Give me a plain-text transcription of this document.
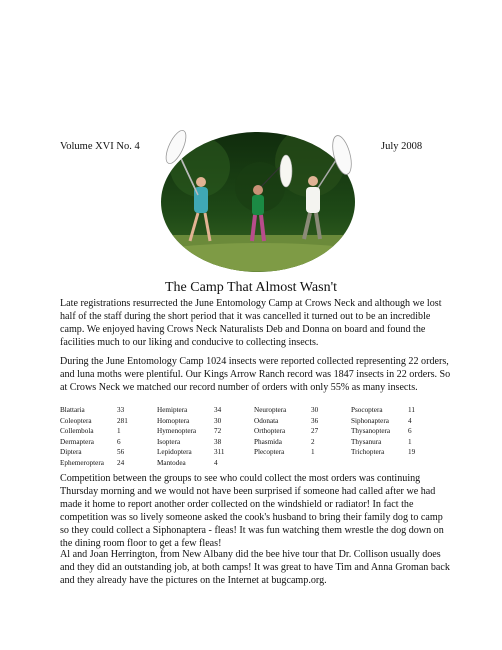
Volume XVI No. 4	July 2008
The Camp That Almost Wasn't
Late registrations resurrected the June Entomology Camp at Crows Neck and although we lost half of the staff during the short period that it was cancelled it turned out to be an incredible camp. We enjoyed having Crows Neck Naturalists Deb and Donna on board and found the facilities much to our liking and conducive to collecting insects.
During the June Entomology Camp 1024 insects were reported collected representing 22 orders, and luna moths were plentiful. Our Kings Arrow Ranch record was 1847 insects in 22 orders. So at Crows Neck we matched our record number of orders with only 55% as many insects.
Blattaria	33	Hemiptera	34	Neuroptera	30	Psocoptera	11
Coleoptera	281	Homoptera	30	Odonata	36	Siphonaptera	4
Collembola	1	Hymenoptera	72	Orthoptera	27	Thysanoptera	6
Dermaptera	6	Isoptera	38	Phasmida	2	Thysanura	1
Diptera	56	Lepidoptera	311	Plecoptera	1	Trichoptera	19
Ephemeroptera	24	Mantodea	4
Competition between the groups to see who could collect the most orders was continuing Thursday morning and we would not have been surprised if someone had called after we had made it home to report another order collected on the windshield or radiator! In fact the competition was so lively someone asked the cook's husband to bring their family dog to camp so they could collect a Siphonaptera - fleas! It was fun watching them wrestle the dog down on the dining room floor to get a few fleas!
Al and Joan Herrington, from New Albany did the bee hive tour that Dr. Collison usually does and they did an outstanding job, at both camps! It was great to have Tim and Anna Groman back and they already have the pictures on the Internet at bugcamp.org.
